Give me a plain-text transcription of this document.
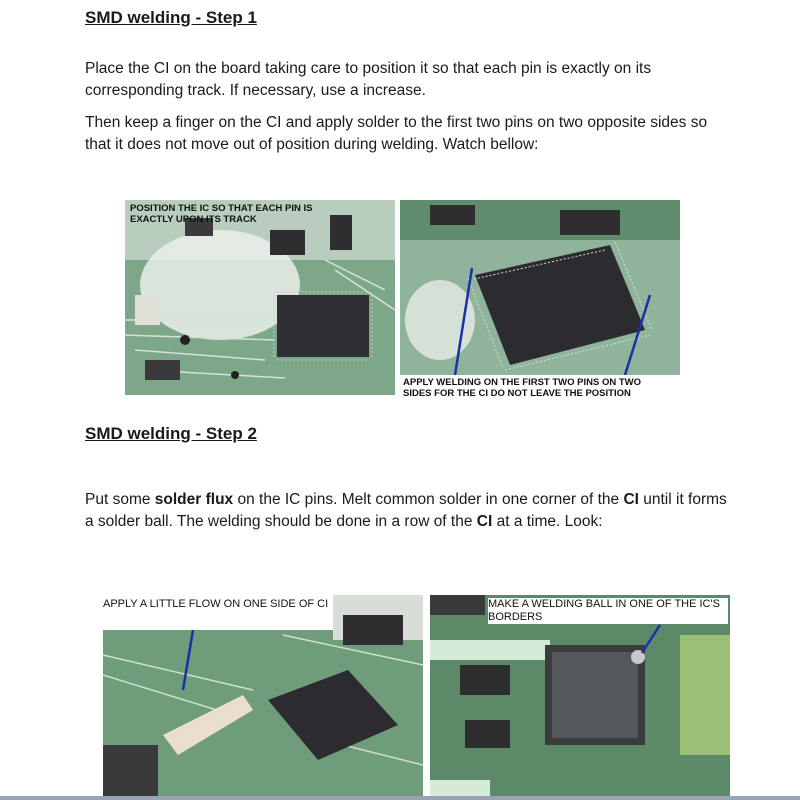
SMD welding - Step 1

Place the CI on the board taking care to position it so that each pin is exactly on its corresponding track. If necessary, use a increase.

Then keep a finger on the CI and apply solder to the first two pins on two opposite sides so that it does not move out of position during welding. Watch bellow:

POSITION THE IC SO THAT EACH PIN IS EXACTLY UPON ITS TRACK
APPLY WELDING ON THE FIRST TWO PINS ON TWO SIDES FOR THE CI DO NOT LEAVE THE POSITION
SMD welding - Step 2

Put some solder flux on the IC pins. Melt common solder in one corner of the CI until it forms a solder ball. The welding should be done in a row of the CI at a time. Look:

APPLY A LITTLE FLOW ON ONE SIDE OF CI	MAKE A WELDING BALL IN ONE OF THE IC'S BORDERS
